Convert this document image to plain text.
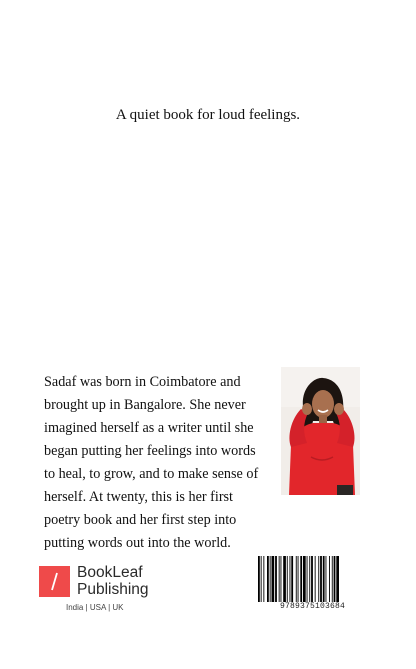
A quiet book for loud feelings.
Sadaf was born in Coimbatore and brought up in Bangalore. She never imagined herself as a writer until she began putting her feelings into words to heal, to grow, and to make sense of herself. At twenty, this is her first poetry book and her first step into putting words out into the world.
BookLeaf
Publishing
India | USA | UK	9789375103684
